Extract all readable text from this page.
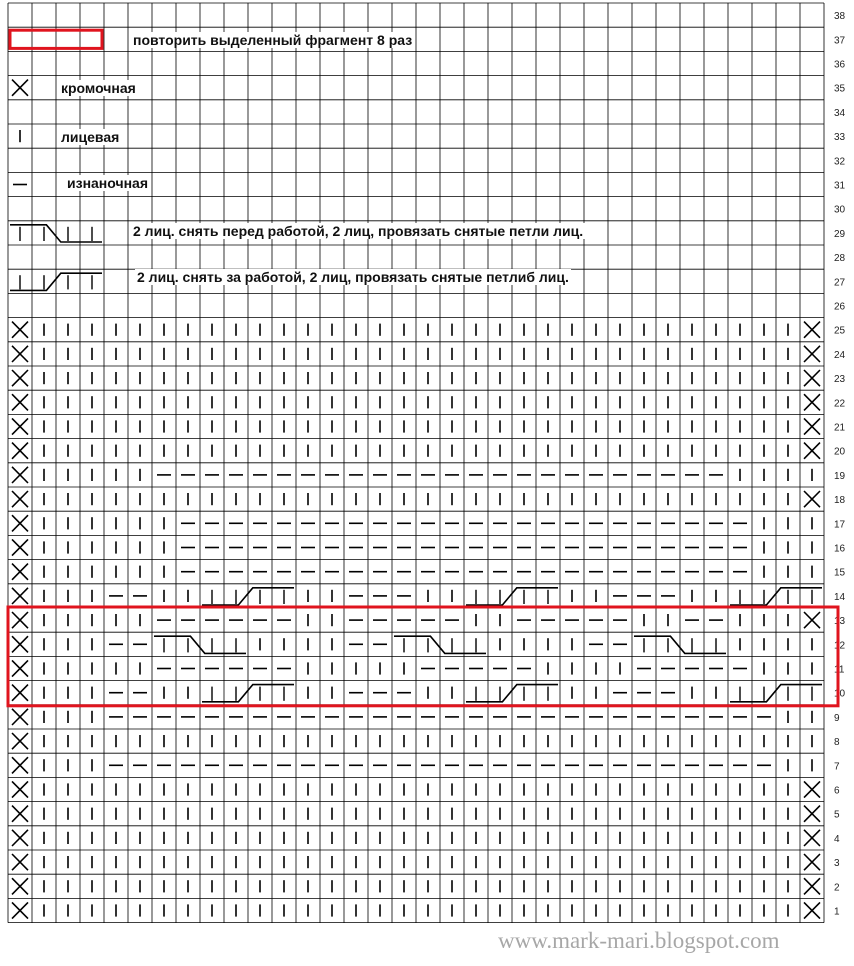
1
2
3
4
5
6
7
8
9
10
11
12
13
14
15
16
17
18
19
20
21
22
23
24
25
26
27
28
29
30
31
32
33
34
35
36
37
38
повторить выделенный фрагмент 8 раз
кромочная
лицевая
изнаночная
2 лиц. снять перед работой, 2 лиц, провязать снятые петли лиц.
2 лиц. снять за работой, 2 лиц, провязать снятые петлиб лиц.
www.mark-mari.blogspot.com
